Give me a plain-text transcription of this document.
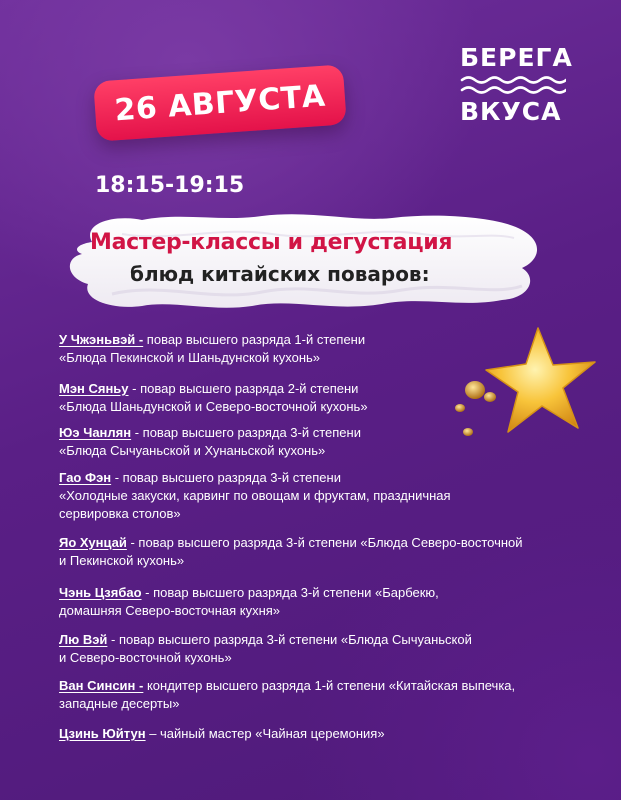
БЕРЕГА
ВКУСА
26 АВГУСТА
18:15-19:15
Мастер-классы и дегустация
блюд китайских поваров:
У Чжэньвэй - повар высшего разряда 1-й степени
«Блюда Пекинской и Шаньдунской кухонь»
Мэн Сяньу - повар высшего разряда 2-й степени
«Блюда Шаньдунской и Северо-восточной кухонь»
Юэ Чанлян - повар высшего разряда 3-й степени
«Блюда Сычуаньской и Хунаньской кухонь»
Гао Фэн - повар высшего разряда 3-й степени
«Холодные закуски, карвинг по овощам и фруктам, праздничная
сервировка столов»
Яо Хунцай - повар высшего разряда 3-й степени «Блюда Северо-восточной
и Пекинской кухонь»
Чэнь Цзябао - повар высшего разряда 3-й степени «Барбекю,
домашняя Северо-восточная кухня»
Лю Вэй - повар высшего разряда 3-й степени «Блюда Сычуаньской
и Северо-восточной кухонь»
Ван Синсин - кондитер высшего разряда 1-й степени «Китайская выпечка,
западные десерты»
Цзинь Юйтун – чайный мастер «Чайная церемония»
